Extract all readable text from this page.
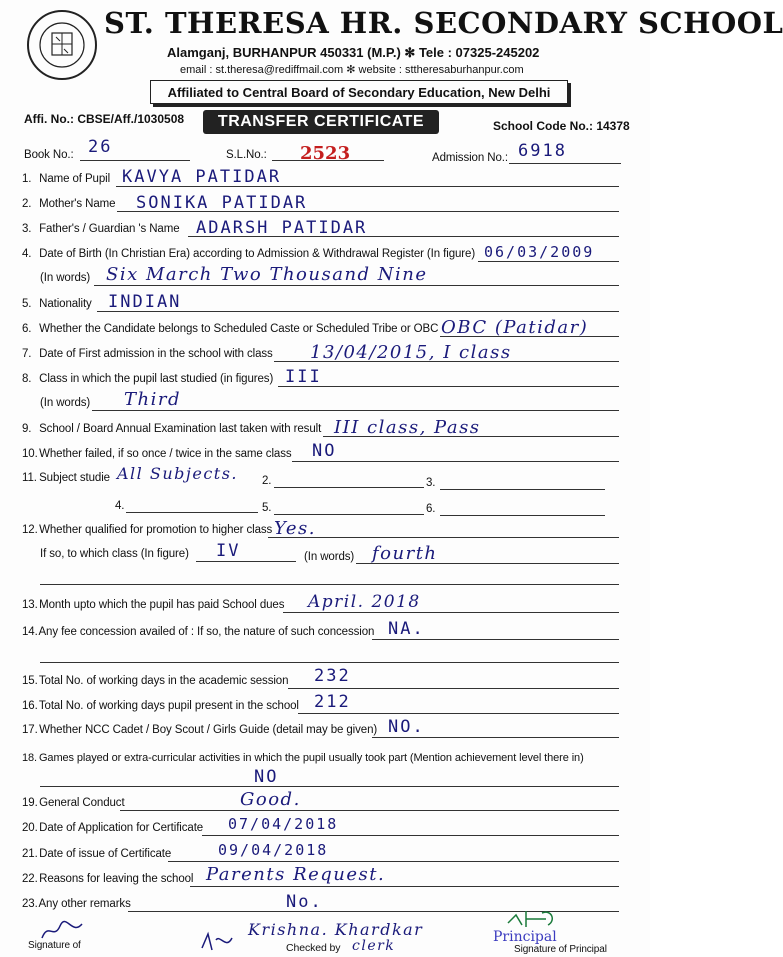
ST. THERESA HR. SECONDARY SCHOOL
Alamganj, BURHANPUR 450331 (M.P.) ✻ Tele : 07325-245202
email : st.theresa@rediffmail.com ✻ website : sttheresaburhanpur.com
Affiliated to Central Board of Secondary Education, New Delhi
Affi. No.: CBSE/Aff./1030508	TRANSFER CERTIFICATE	School Code No.: 14378
Book No.: 26	S.L.No.: 2523	Admission No.: 6918
1. Name of Pupil KAVYA PATIDAR
2. Mother's Name SONIKA PATIDAR
3. Father's / Guardian 's Name ADARSH PATIDAR
4. Date of Birth (In Christian Era) according to Admission & Withdrawal Register (In figure) 06/03/2009
(In words) Six March Two Thousand Nine
5. Nationality INDIAN
6. Whether the Candidate belongs to Scheduled Caste or Scheduled Tribe or OBC OBC (Patidar)
7. Date of First admission in the school with class 13/04/2015, I class
8. Class in which the pupil last studied (in figures) III
(In words) Third
9. School / Board Annual Examination last taken with result III class, Pass
10. Whether failed, if so once / twice in the same class NO
11. Subject studie All Subjects. 2.	3.
4.	5.	6.
12. Whether qualified for promotion to higher class Yes.
If so, to which class (In figure) IV	(In words) fourth
13. Month upto which the pupil has paid School dues April. 2018
14. Any fee concession availed of : If so, the nature of such concession NA.
15. Total No. of working days in the academic session 232
16. Total No. of working days pupil present in the school 212
17. Whether NCC Cadet / Boy Scout / Girls Guide (detail may be given) NO.
18. Games played or extra-curricular activities in which the pupil usually took part (Mention achievement level there in)
NO
19. General Conduct	Good.
20. Date of Application for Certificate 07/04/2018
21. Date of issue of Certificate	09/04/2018
22. Reasons for leaving the school Parents Request.
23. Any other remarks	No.
Signature of
Krishna. Khardkar
Checked by clerk
Principal
Signature of Principal
